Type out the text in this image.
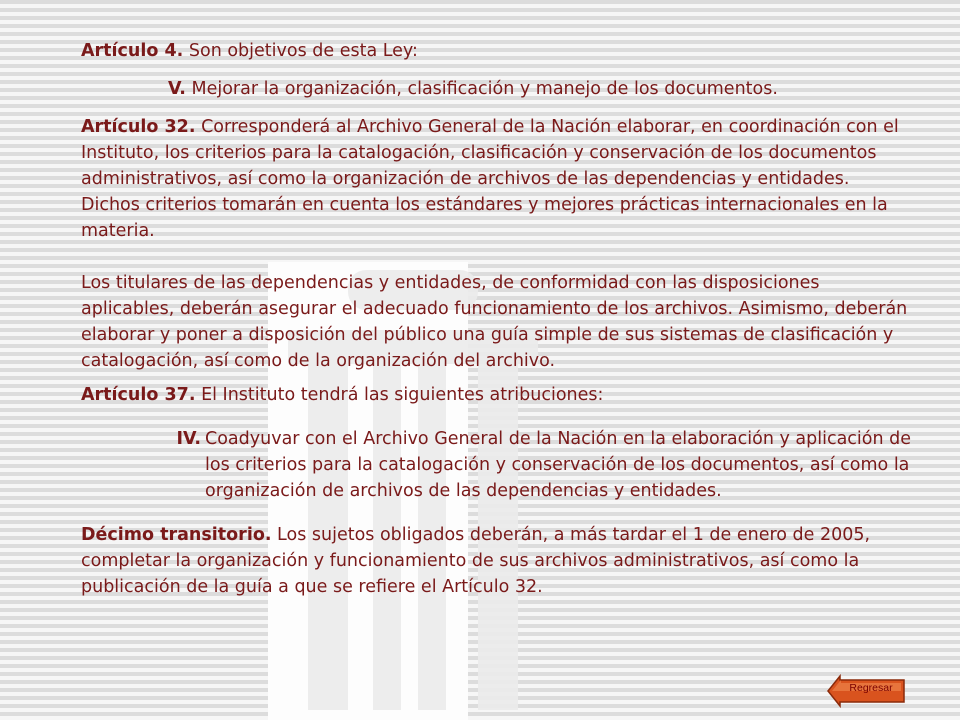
Artículo 4. Son objetivos de esta Ley:

V. Mejorar la organización, clasificación y manejo de los documentos.

Artículo 32. Corresponderá al Archivo General de la Nación elaborar, en coordinación con el Instituto, los criterios para la catalogación, clasificación y conservación de los documentos administrativos, así como la organización de archivos de las dependencias y entidades. Dichos criterios tomarán en cuenta los estándares y mejores prácticas internacionales en la materia.

Los titulares de las dependencias y entidades, de conformidad con las disposiciones aplicables, deberán asegurar el adecuado funcionamiento de los archivos. Asimismo, deberán elaborar y poner a disposición del público una guía simple de sus sistemas de clasificación y catalogación, así como de la organización del archivo.

Artículo 37. El Instituto tendrá las siguientes atribuciones:

IV. Coadyuvar con el Archivo General de la Nación en la elaboración y aplicación de los criterios para la catalogación y conservación de los documentos, así como la organización de archivos de las dependencias y entidades.

Décimo transitorio. Los sujetos obligados deberán, a más tardar el 1 de enero de 2005, completar la organización y funcionamiento de sus archivos administrativos, así como la publicación de la guía a que se refiere el Artículo 32.

Regresar
